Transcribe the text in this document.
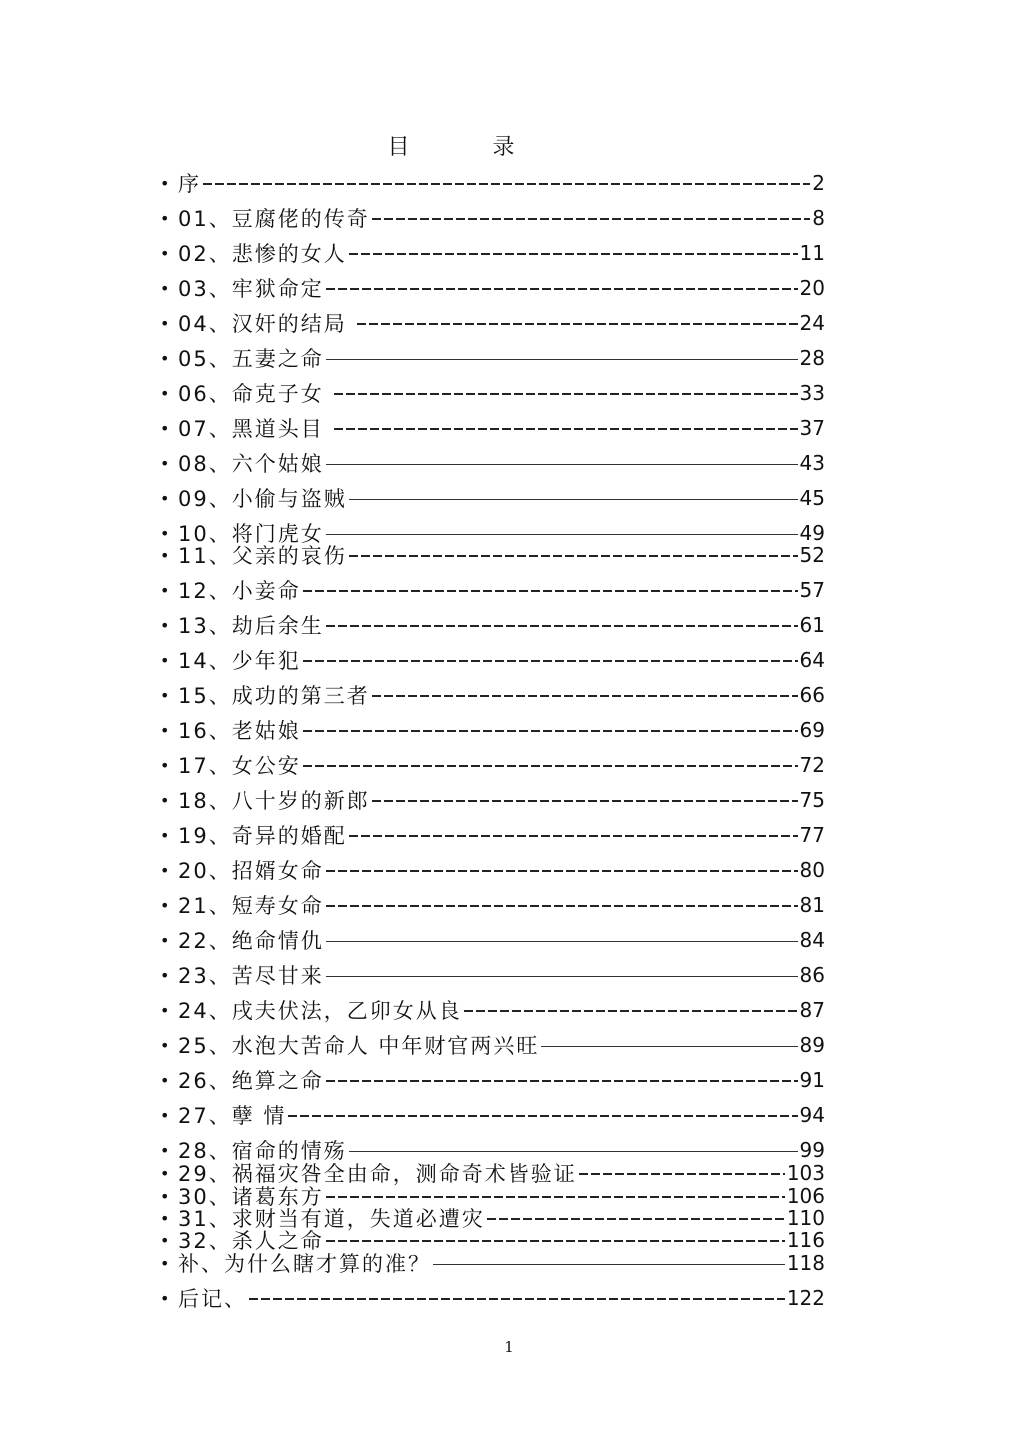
目 录
• 序	2
• 01、豆腐佬的传奇	8
• 02、悲惨的女人	11
• 03、牢狱命定	20
• 04、汉奸的结局	24
• 05、五妻之命	28
• 06、命克子女	33
• 07、黑道头目	37
• 08、六个姑娘	43
• 09、小偷与盗贼	45
• 10、将门虎女	49
• 11、父亲的哀伤	52
• 12、小妾命	57
• 13、劫后余生	61
• 14、少年犯	64
• 15、成功的第三者	66
• 16、老姑娘	69
• 17、女公安	72
• 18、八十岁的新郎	75
• 19、奇异的婚配	77
• 20、招婿女命	80
• 21、短寿女命	81
• 22、绝命情仇	84
• 23、苦尽甘来	86
• 24、戌夫伏法，乙卯女从良	87
• 25、水泡大苦命人 中年财官两兴旺	89
• 26、绝算之命	91
• 27、孽 情	94
• 28、宿命的情殇	99
• 29、祸福灾咎全由命，测命奇术皆验证	103
• 30、诸葛东方	106
• 31、求财当有道，失道必遭灾	110
• 32、杀人之命	116
• 补、为什么瞎才算的准？	118
• 后记、	122
1
